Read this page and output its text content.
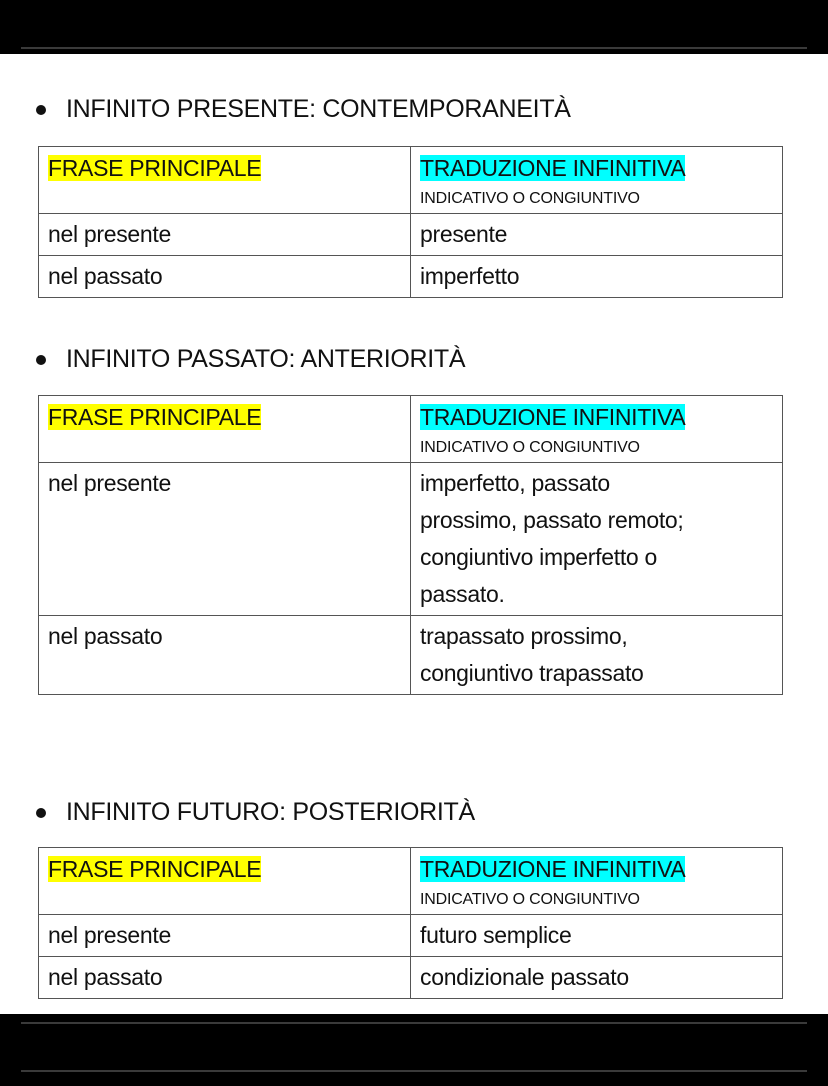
INFINITO PRESENTE: CONTEMPORANEITÀ
FRASE PRINCIPALE	TRADUZIONE INFINITIVA
INDICATIVO O CONGIUNTIVO

nel presente	presente
nel passato	imperfetto
INFINITO PASSATO: ANTERIORITÀ
FRASE PRINCIPALE	TRADUZIONE INFINITIVA
INDICATIVO O CONGIUNTIVO

nel presente	imperfetto, passato
prossimo, passato remoto;
congiuntivo imperfetto o
passato.

nel passato	trapassato prossimo,
congiuntivo trapassato
INFINITO FUTURO: POSTERIORITÀ
FRASE PRINCIPALE	TRADUZIONE INFINITIVA
INDICATIVO O CONGIUNTIVO

nel presente	futuro semplice
nel passato	condizionale passato
